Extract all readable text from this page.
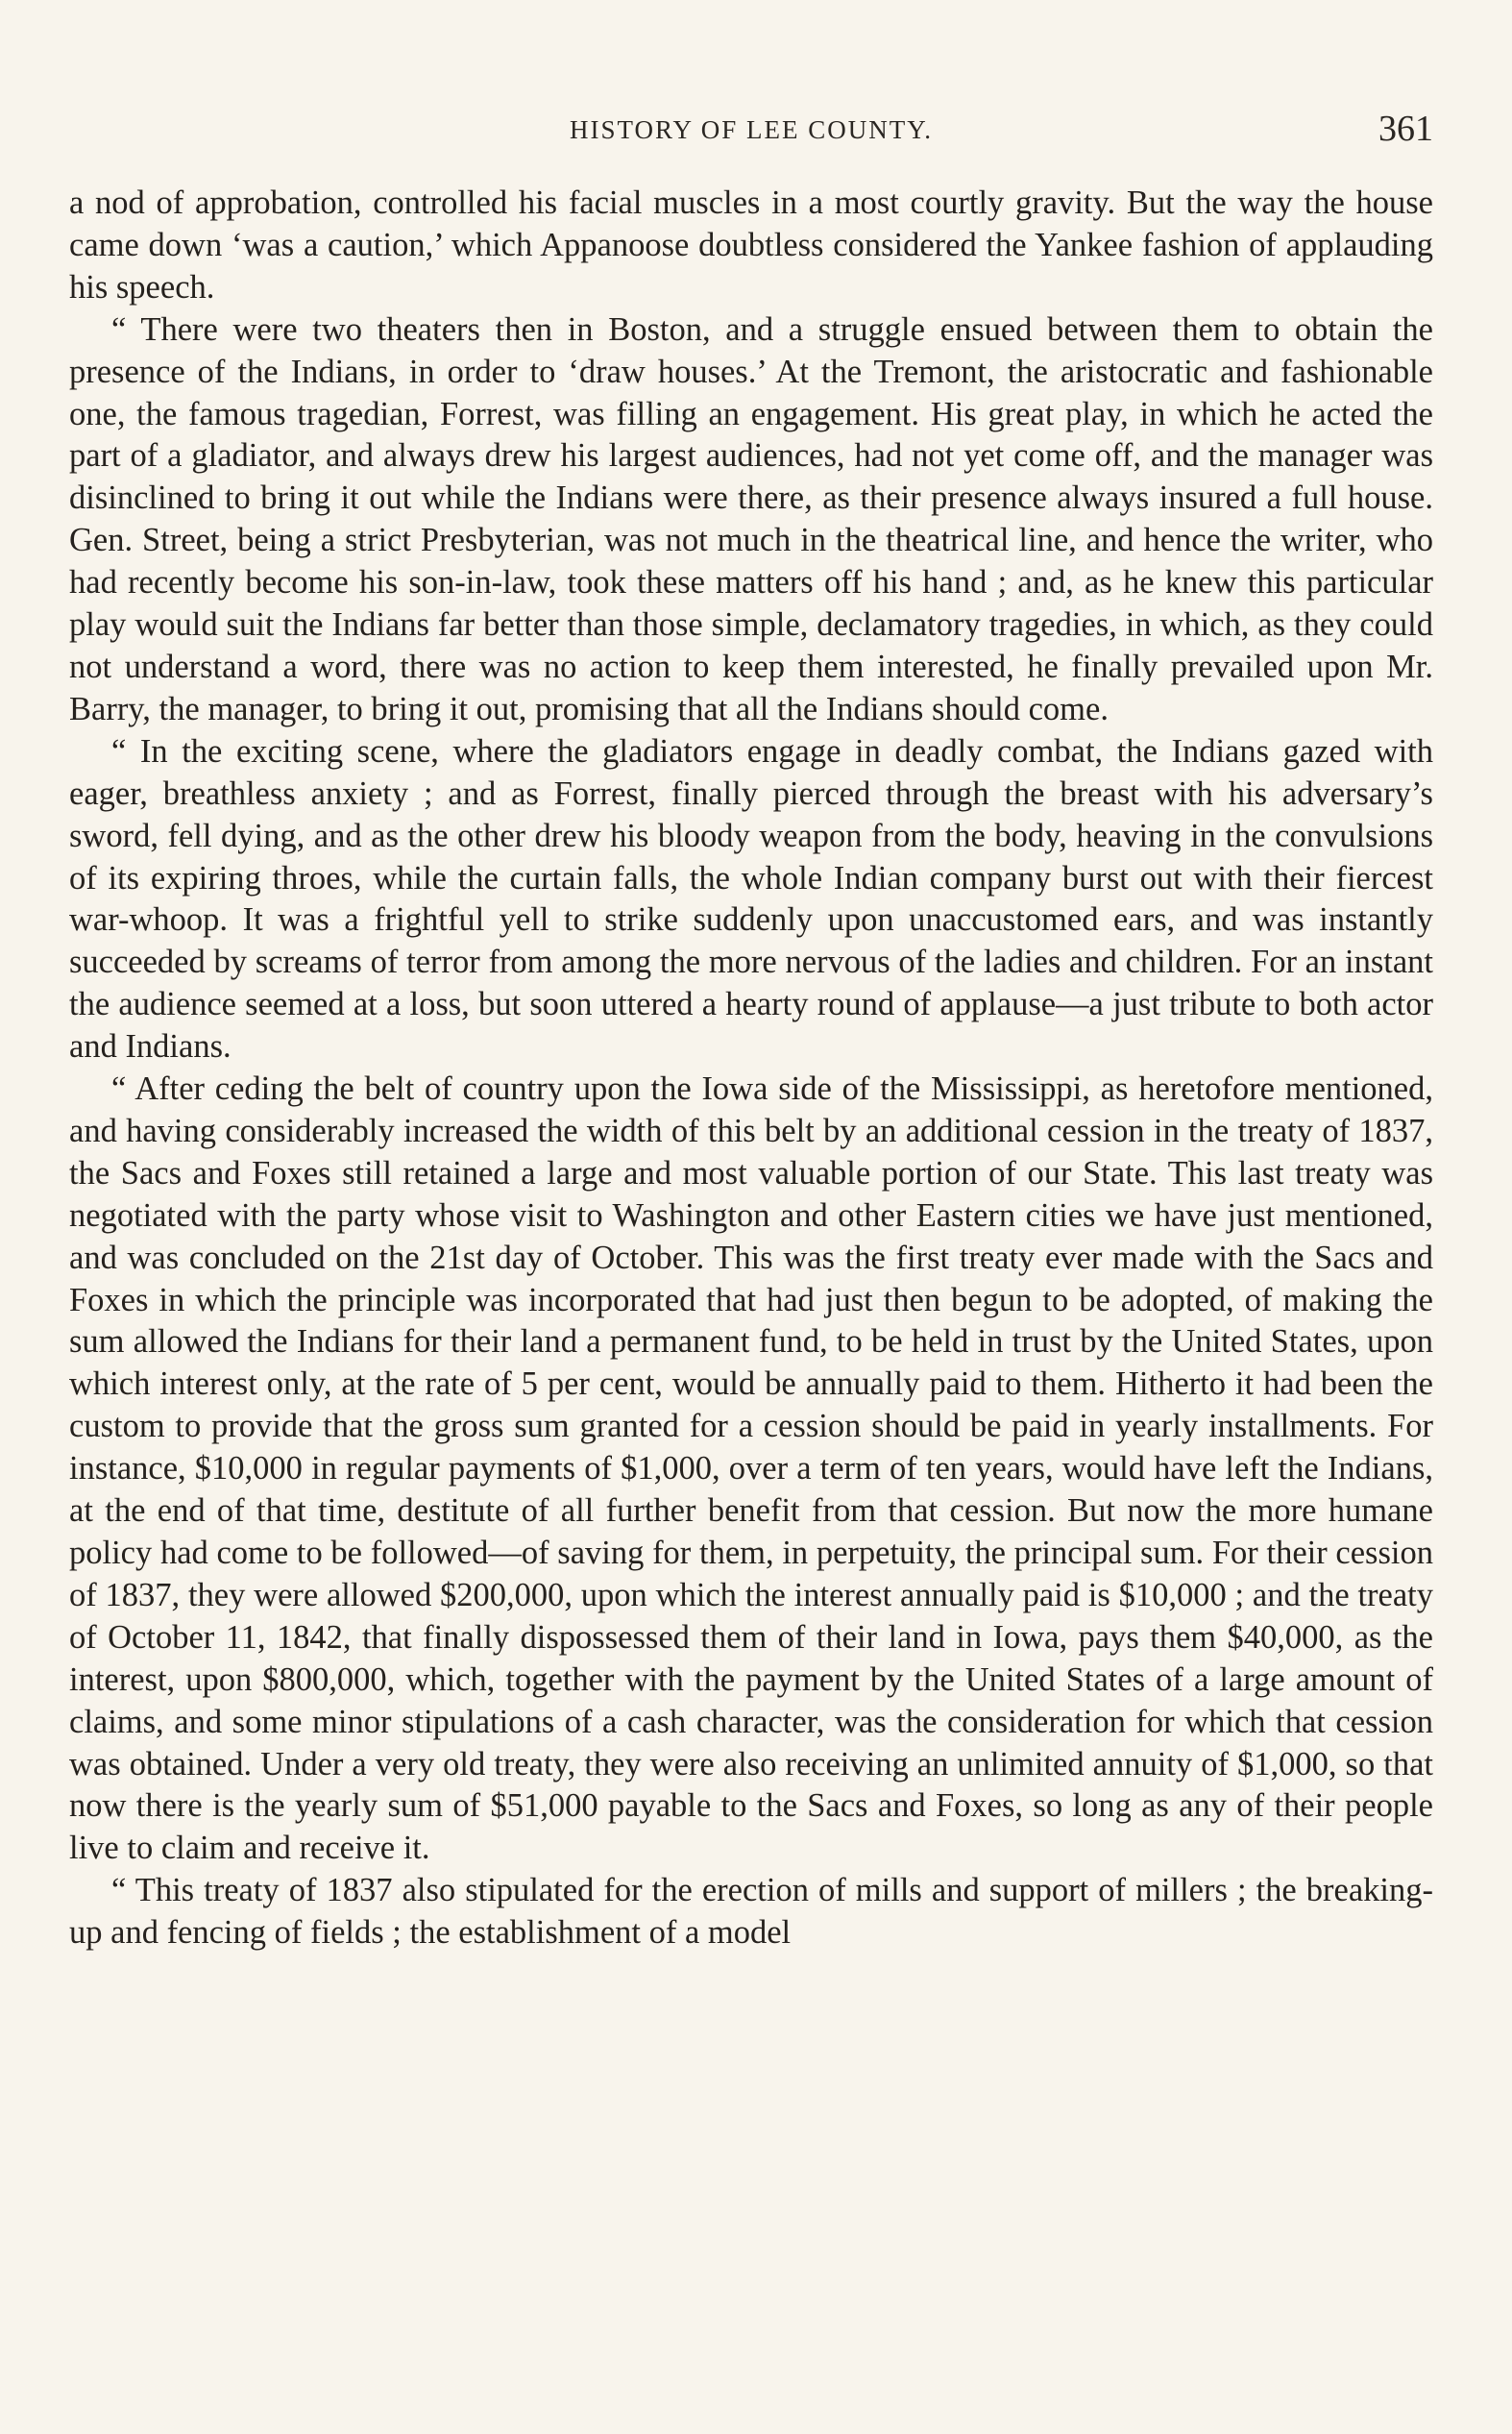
HISTORY OF LEE COUNTY.	361

a nod of approbation, controlled his facial muscles in a most courtly gravity. But the way the house came down ‘was a caution,’ which Appanoose doubtless considered the Yankee fashion of applauding his speech.

“ There were two theaters then in Boston, and a struggle ensued between them to obtain the presence of the Indians, in order to ‘draw houses.’ At the Tremont, the aristocratic and fashionable one, the famous tragedian, Forrest, was filling an engagement. His great play, in which he acted the part of a gladiator, and always drew his largest audiences, had not yet come off, and the manager was disinclined to bring it out while the Indians were there, as their presence always insured a full house. Gen. Street, being a strict Presbyterian, was not much in the theatrical line, and hence the writer, who had recently become his son-in-law, took these matters off his hand ; and, as he knew this particular play would suit the Indians far better than those simple, declamatory tragedies, in which, as they could not understand a word, there was no action to keep them interested, he finally prevailed upon Mr. Barry, the manager, to bring it out, promising that all the Indians should come.

“ In the exciting scene, where the gladiators engage in deadly combat, the Indians gazed with eager, breathless anxiety ; and as Forrest, finally pierced through the breast with his adversary’s sword, fell dying, and as the other drew his bloody weapon from the body, heaving in the convulsions of its expiring throes, while the curtain falls, the whole Indian company burst out with their fiercest war-whoop. It was a frightful yell to strike suddenly upon unaccustomed ears, and was instantly succeeded by screams of terror from among the more nervous of the ladies and children. For an instant the audience seemed at a loss, but soon uttered a hearty round of applause—a just tribute to both actor and Indians.

“ After ceding the belt of country upon the Iowa side of the Mississippi, as heretofore mentioned, and having considerably increased the width of this belt by an additional cession in the treaty of 1837, the Sacs and Foxes still retained a large and most valuable portion of our State. This last treaty was negotiated with the party whose visit to Washington and other Eastern cities we have just mentioned, and was concluded on the 21st day of October. This was the first treaty ever made with the Sacs and Foxes in which the principle was incorporated that had just then begun to be adopted, of making the sum allowed the Indians for their land a permanent fund, to be held in trust by the United States, upon which interest only, at the rate of 5 per cent, would be annually paid to them. Hitherto it had been the custom to provide that the gross sum granted for a cession should be paid in yearly installments. For instance, $10,000 in regular payments of $1,000, over a term of ten years, would have left the Indians, at the end of that time, destitute of all further benefit from that cession. But now the more humane policy had come to be followed—of saving for them, in perpetuity, the principal sum. For their cession of 1837, they were allowed $200,000, upon which the interest annually paid is $10,000 ; and the treaty of October 11, 1842, that finally dispossessed them of their land in Iowa, pays them $40,000, as the interest, upon $800,000, which, together with the payment by the United States of a large amount of claims, and some minor stipulations of a cash character, was the consideration for which that cession was obtained. Under a very old treaty, they were also receiving an unlimited annuity of $1,000, so that now there is the yearly sum of $51,000 payable to the Sacs and Foxes, so long as any of their people live to claim and receive it.

“ This treaty of 1837 also stipulated for the erection of mills and support of millers ; the breaking-up and fencing of fields ; the establishment of a model
